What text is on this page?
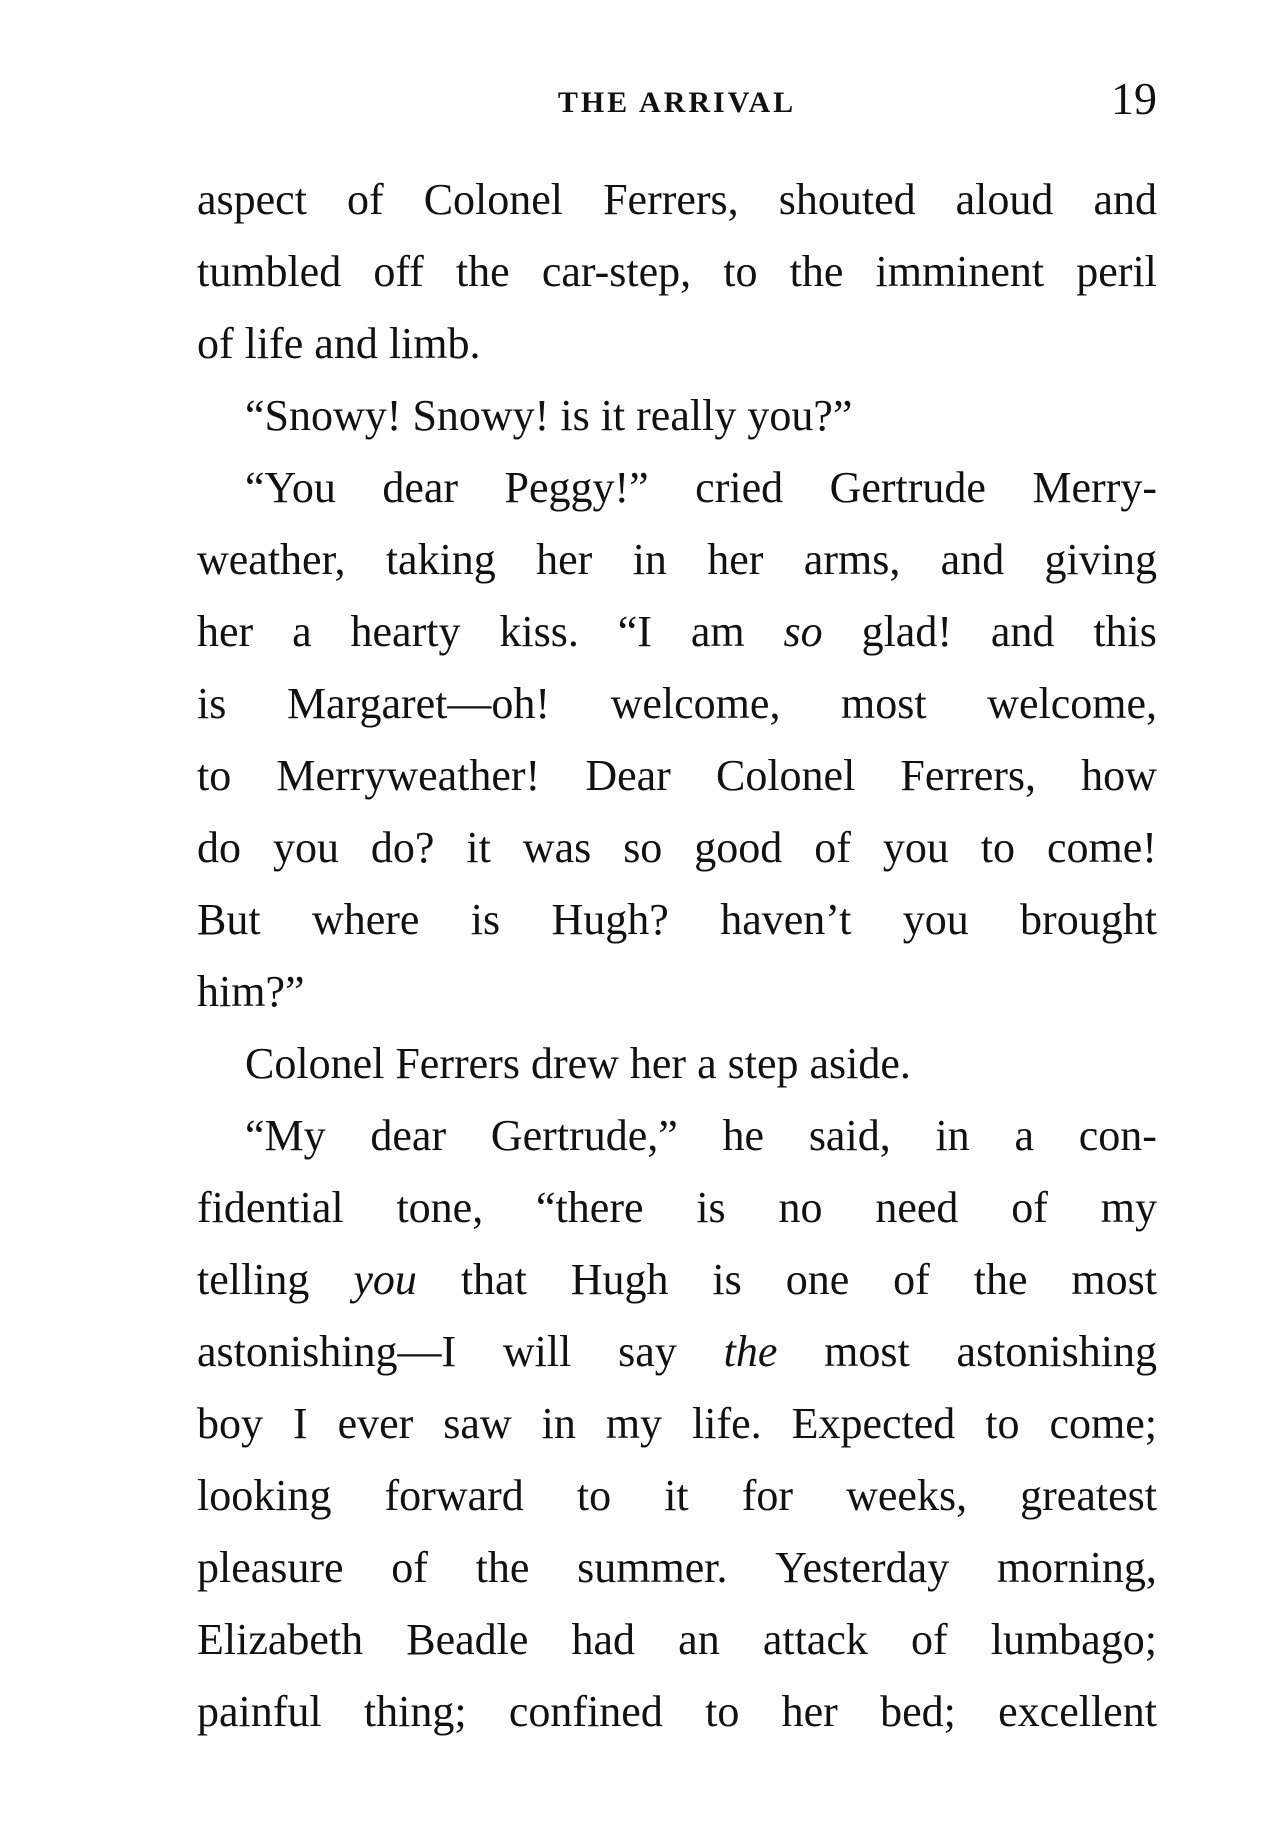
THE ARRIVAL	19
aspect of Colonel Ferrers, shouted aloud and
tumbled off the car-step, to the imminent peril
of
life
and
limb.
“Snowy!
Snowy!
is
it
really
you?”
“You dear Peggy!” cried Gertrude Merry-
weather, taking her in her arms, and giving
her a hearty kiss. “I am so glad! and this
is Margaret—oh! welcome, most welcome,
to Merryweather! Dear Colonel Ferrers, how
do you do? it was so good of you to come!
But where is Hugh? haven’t you brought
him?”
Colonel
Ferrers
drew
her
a
step
aside.
“My dear Gertrude,” he said, in a con-
fidential tone, “there is no need of my
telling you that Hugh is one of the most
astonishing—I will say the most astonishing
boy I ever saw in my life. Expected to come;
looking forward to it for weeks, greatest
pleasure of the summer. Yesterday morning,
Elizabeth Beadle had an attack of lumbago;
painful thing; confined to her bed; excellent
